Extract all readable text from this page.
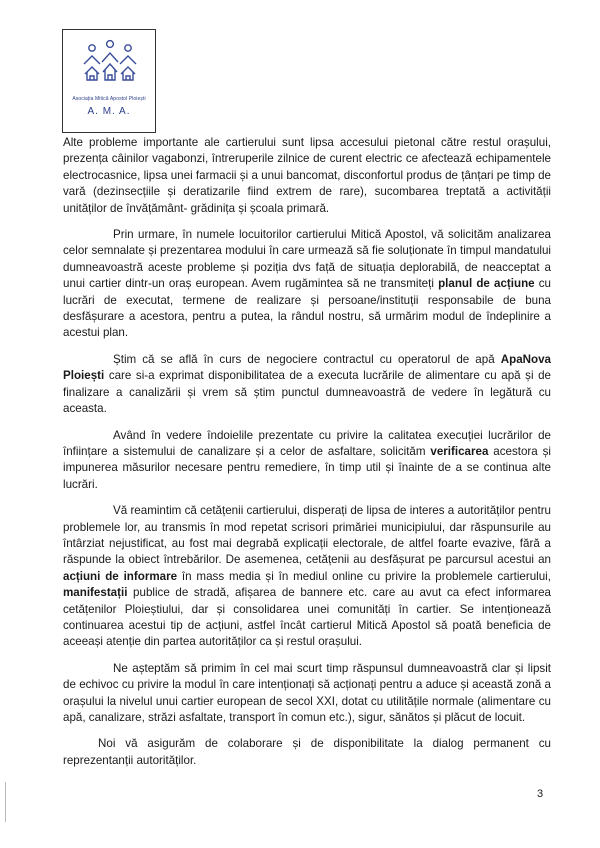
Asociația Mitică Apostol Ploiești
A. M. A.

Alte probleme importante ale cartierului sunt lipsa accesului pietonal către restul orașului, prezența câinilor vagabonzi, întreruperile zilnice de curent electric ce afectează echipamentele electrocasnice, lipsa unei farmacii și a unui bancomat, disconfortul produs de țânțari pe timp de vară (dezinsecțiile și deratizarile fiind extrem de rare), sucombarea treptată a activității unităților de învățământ- grădinița și școala primară.

Prin urmare, în numele locuitorilor cartierului Mitică Apostol, vă solicităm analizarea celor semnalate și prezentarea modului în care urmează să fie soluționate în timpul mandatului dumneavoastră aceste probleme și poziția dvs față de situația deplorabilă, de neacceptat a unui cartier dintr-un oraș european. Avem rugămintea să ne transmiteți planul de acțiune cu lucrări de executat, termene de realizare și persoane/instituții responsabile de buna desfășurare a acestora, pentru a putea, la rândul nostru, să urmărim modul de îndeplinire a acestui plan.

Știm că se află în curs de negociere contractul cu operatorul de apă ApaNova Ploiești care si-a exprimat disponibilitatea de a executa lucrările de alimentare cu apă și de finalizare a canalizării și vrem să știm punctul dumneavoastră de vedere în legătură cu aceasta.

Având în vedere îndoielile prezentate cu privire la calitatea execuției lucrărilor de înființare a sistemului de canalizare și a celor de asfaltare, solicităm verificarea acestora și impunerea măsurilor necesare pentru remediere, în timp util și înainte de a se continua alte lucrări.

Vă reamintim că cetățenii cartierului, disperați de lipsa de interes a autorităților pentru problemele lor, au transmis în mod repetat scrisori primăriei municipiului, dar răspunsurile au întârziat nejustificat, au fost mai degrabă explicații electorale, de altfel foarte evazive, fără a răspunde la obiect întrebărilor. De asemenea, cetățenii au desfășurat pe parcursul acestui an acțiuni de informare în mass media și în mediul online cu privire la problemele cartierului, manifestații publice de stradă, afișarea de bannere etc. care au avut ca efect informarea cetățenilor Ploieștiului, dar și consolidarea unei comunități în cartier. Se intenționează continuarea acestui tip de acțiuni, astfel încât cartierul Mitică Apostol să poată beneficia de aceeași atenție din partea autorităților ca și restul orașului.

Ne așteptăm să primim în cel mai scurt timp răspunsul dumneavoastră clar și lipsit de echivoc cu privire la modul în care intenționați să acționați pentru a aduce și această zonă a orașului la nivelul unui cartier european de secol XXI, dotat cu utilitățile normale (alimentare cu apă, canalizare, străzi asfaltate, transport în comun etc.), sigur, sănătos și plăcut de locuit.

Noi vă asigurăm de colaborare și de disponibilitate la dialog permanent cu reprezentanții autorităților.

3
